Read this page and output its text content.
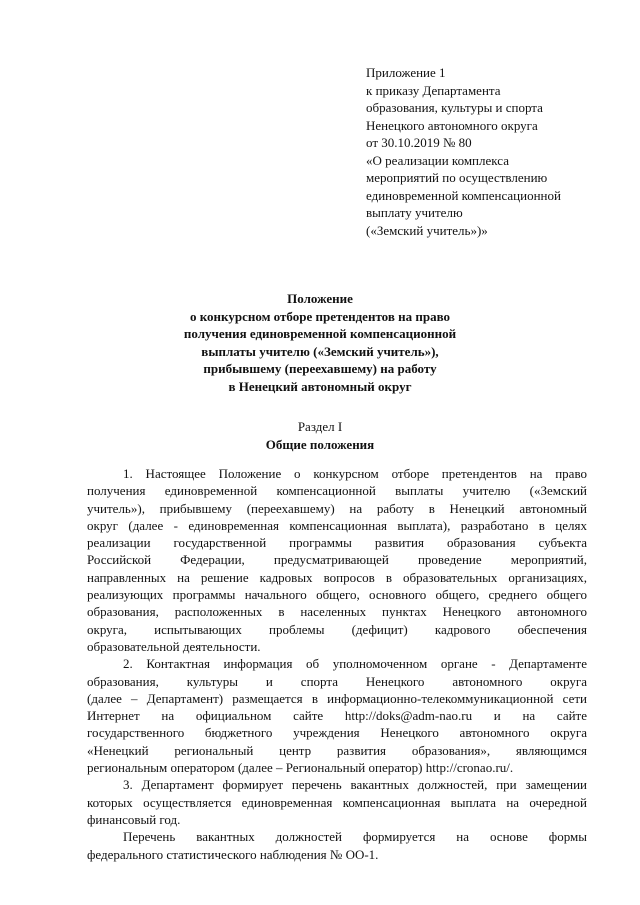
Приложение 1
к приказу Департамента
образования, культуры и спорта
Ненецкого автономного округа
от 30.10.2019 № 80
«О реализации комплекса
мероприятий по осуществлению
единовременной компенсационной
выплату учителю
(«Земский учитель»)»
Положение
о конкурсном отборе претендентов на право
получения единовременной компенсационной
выплаты учителю («Земский учитель»),
прибывшему (переехавшему) на работу
в Ненецкий автономный округ
Раздел I
Общие положения
1. Настоящее Положение о конкурсном отборе претендентов на право
получения единовременной компенсационной выплаты учителю («Земский
учитель»), прибывшему (переехавшему) на работу в Ненецкий автономный
округ (далее - единовременная компенсационная выплата), разработано в целях
реализации государственной программы развития образования субъекта
Российской Федерации, предусматривающей проведение мероприятий,
направленных на решение кадровых вопросов в образовательных организациях,
реализующих программы начального общего, основного общего, среднего общего
образования, расположенных в населенных пунктах Ненецкого автономного
округа, испытывающих проблемы (дефицит) кадрового обеспечения
образовательной деятельности.
2. Контактная информация об уполномоченном органе - Департаменте
образования, культуры и спорта Ненецкого автономного округа
(далее – Департамент) размещается в информационно-телекоммуникационной сети
Интернет на официальном сайте http://doks@adm-nao.ru и на сайте
государственного бюджетного учреждения Ненецкого автономного округа
«Ненецкий региональный центр развития образования», являющимся
региональным оператором (далее – Региональный оператор) http://cronao.ru/.
3. Департамент формирует перечень вакантных должностей, при замещении
которых осуществляется единовременная компенсационная выплата на очередной
финансовый год.
Перечень вакантных должностей формируется на основе формы
федерального статистического наблюдения № ОО-1.
